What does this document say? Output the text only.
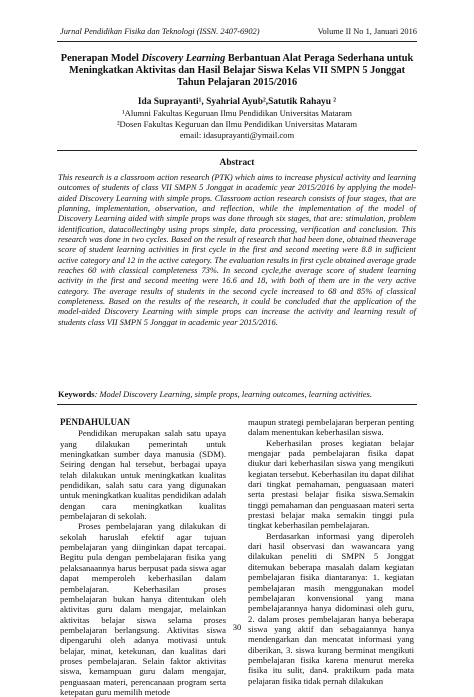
Jurnal Pendidikan Fisika dan Teknologi (ISSN. 2407-6902)	Volume II No 1, Januari 2016
Penerapan Model Discovery Learning Berbantuan Alat Peraga Sederhana untuk Meningkatkan Aktivitas dan Hasil Belajar Siswa Kelas VII SMPN 5 Jonggat Tahun Pelajaran 2015/2016
Ida Suprayanti¹, Syahrial Ayub²,Satutik Rahayu ²
¹Alumni Fakultas Keguruan Ilmu Pendidikan Universitas Mataram
²Dosen Fakultas Keguruan dan Ilmu Pendidikan Universitas Mataram
email: idasuprayanti@ymail.com
Abstract
This research is a classroom action research (PTK) which aims to increase physical activity and learning outcomes of students of class VII SMPN 5 Jonggat in academic year 2015/2016 by applying the model-aided Discovery Learning with simple props. Classroom action research consists of four stages, that are planning, implementation, observation, and reflection, while the implementation of the model of Discovery Learning aided with simple props was done through six stages, that are: stimulation, problem identification, datacollectingby using props simple, data processing, verification and conclusion. This research was done in two cycles. Based on the result of research that had been done, obtained theaverage score of student learning activities in first cycle in the first and second meeting were 8.8 in sufficient active category and 12 in the active category. The evaluation results in first cycle obtained average grade reaches 60 with classical completeness 73%. In second cycle,the average score of student learning activity in the first and second meeting were 16.6 and 18, with both of them are in the very active category. The average results of students in the second cycle increased to 68 and 85% of classical completeness. Based on the results of the research, it could be concluded that the application of the model-aided Discovery Learning with simple props can increase the activity and learning result of students class VII SMPN 5 Jonggat in academic year 2015/2016.
Keywords: Model Discovery Learning, simple props, learning outcomes, learning activities.
PENDAHULUAN

Pendidikan merupakan salah satu upaya yang dilakukan pemerintah untuk meningkatkan sumber daya manusia (SDM). Seiring dengan hal tersebut, berbagai upaya telah dilakukan untuk meningkatkan kualitas pendidikan, salah satu cara yang digunakan untuk meningkatkan kualitas pendidikan adalah dengan cara meningkatkan kualitas pembelajaran di sekolah.

Proses pembelajaran yang dilakukan di sekolah haruslah efektif agar tujuan pembelajaran yang diinginkan dapat tercapai. Begitu pula dengan pembelajaran fisika yang pelaksanaannya harus berpusat pada siswa agar dapat memperoleh keberhasilan dalam pembelajaran. Keberhasilan proses pembelajaran bukan hanya ditentukan oleh aktivitas guru dalam mengajar, melainkan aktivitas belajar siswa selama proses pembelajaran berlangsung. Aktivitas siswa dipengaruhi oleh adanya motivasi untuk belajar, minat, ketekunan, dan kualitas dari proses pembelajaran. Selain faktor aktivitas siswa, kemampuan guru dalam mengajar, penguasaan materi, perencanaan program serta ketepatan guru memilih metode

maupun strategi pembelajaran berperan penting dalam menentukan keberhasilan siswa.

Keberhasilan proses kegiatan belajar mengajar pada pembelajaran fisika dapat diukur dari keberhasilan siswa yang mengikuti kegiatan tersebut. Keberhasilan itu dapat dilihat dari tingkat pemahaman, penguasaan materi serta prestasi belajar fisika siswa.Semakin tinggi pemahaman dan penguasaan materi serta prestasi belajar maka semakin tinggi pula tingkat keberhasilan pembelajaran.

Berdasarkan informasi yang diperoleh dari hasil observasi dan wawancara yang dilakukan peneliti di SMPN 5 Jonggat ditemukan beberapa masalah dalam kegiatan pembelajaran fisika diantaranya: 1. kegiatan pembelajaran masih menggunakan model pembelajaran konvensional yang mana pembelajarannya hanya didominasi oleh guru, 2. dalam proses pembelajaran hanya beberapa siswa yang aktif dan sebagaiannya hanya mendengarkan dan mencatat informasi yang diberikan, 3. siswa kurang berminat mengikuti pembelajaran fisika karena menurut mereka fisika itu sulit, dan4. praktikum pada mata pelajaran fisika tidak pernah dilakukan

30
